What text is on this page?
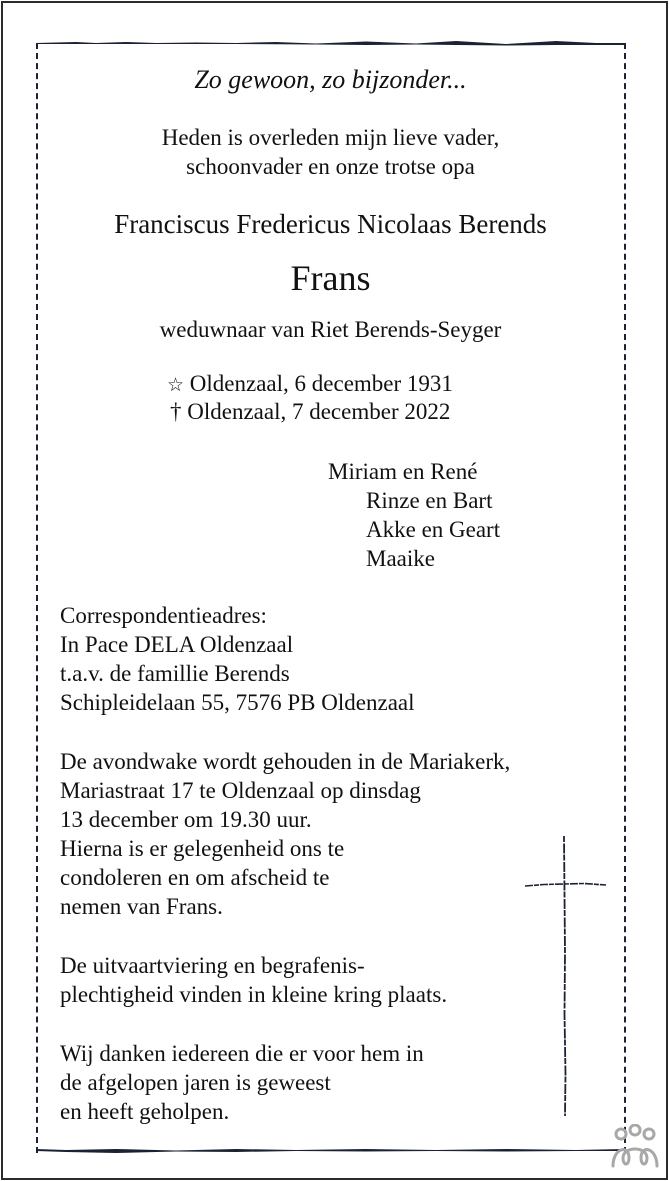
Zo gewoon, zo bijzonder...
Heden is overleden mijn lieve vader,
schoonvader en onze trotse opa
Franciscus Fredericus Nicolaas Berends
Frans
weduwnaar van Riet Berends-Seyger
☆ Oldenzaal, 6 december 1931
† Oldenzaal, 7 december 2022
Miriam en René
Rinze en Bart
Akke en Geart
Maaike
Correspondentieadres:
In Pace DELA Oldenzaal
t.a.v. de famillie Berends
Schipleidelaan 55, 7576 PB Oldenzaal
De avondwake wordt gehouden in de Mariakerk,
Mariastraat 17 te Oldenzaal op dinsdag
13 december om 19.30 uur.
Hierna is er gelegenheid ons te
condoleren en om afscheid te
nemen van Frans.
De uitvaartviering en begrafenis-
plechtigheid vinden in kleine kring plaats.
Wij danken iedereen die er voor hem in
de afgelopen jaren is geweest
en heeft geholpen.
